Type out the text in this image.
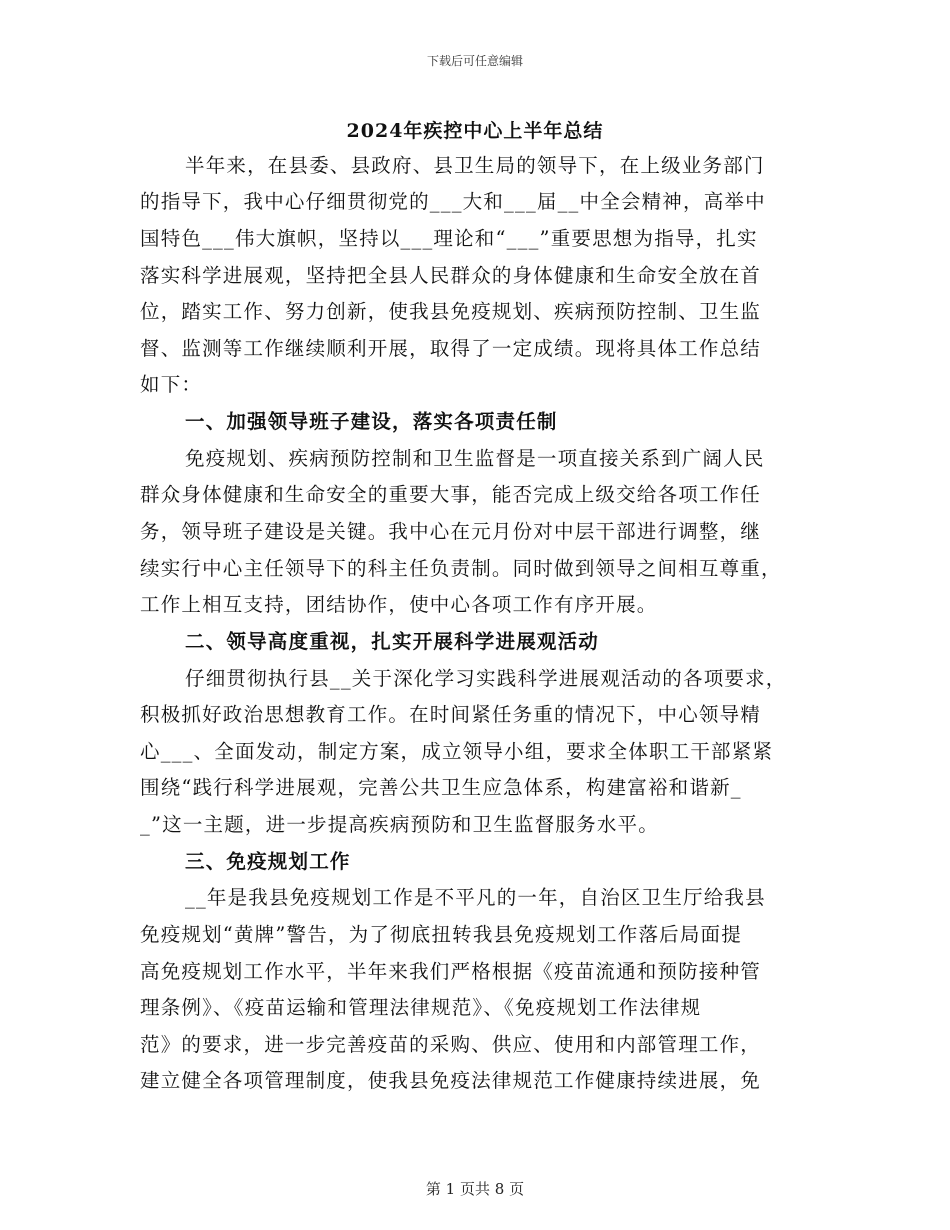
下载后可任意编辑
2024年疾控中心上半年总结
半年来，在县委、县政府、县卫生局的领导下，在上级业务部门
的指导下，我中心仔细贯彻党的___大和___届__中全会精神，高举中
国特色___伟大旗帜，坚持以___理论和“___”重要思想为指导，扎实
落实科学进展观，坚持把全县人民群众的身体健康和生命安全放在首
位，踏实工作、努力创新，使我县免疫规划、疾病预防控制、卫生监
督、监测等工作继续顺利开展，取得了一定成绩。现将具体工作总结
如下：
一、加强领导班子建设，落实各项责任制
免疫规划、疾病预防控制和卫生监督是一项直接关系到广阔人民
群众身体健康和生命安全的重要大事，能否完成上级交给各项工作任
务，领导班子建设是关键。我中心在元月份对中层干部进行调整，继
续实行中心主任领导下的科主任负责制。同时做到领导之间相互尊重，
工作上相互支持，团结协作，使中心各项工作有序开展。
二、领导高度重视，扎实开展科学进展观活动
仔细贯彻执行县__关于深化学习实践科学进展观活动的各项要求，
积极抓好政治思想教育工作。在时间紧任务重的情况下，中心领导精
心___、全面发动，制定方案，成立领导小组，要求全体职工干部紧紧
围绕“践行科学进展观，完善公共卫生应急体系，构建富裕和谐新_
_”这一主题，进一步提高疾病预防和卫生监督服务水平。
三、免疫规划工作
__年是我县免疫规划工作是不平凡的一年，自治区卫生厅给我县
免疫规划“黄牌”警告，为了彻底扭转我县免疫规划工作落后局面提
高免疫规划工作水平，半年来我们严格根据《疫苗流通和预防接种管
理条例》、《疫苗运输和管理法律规范》、《免疫规划工作法律规
范》的要求，进一步完善疫苗的采购、供应、使用和内部管理工作，
建立健全各项管理制度，使我县免疫法律规范工作健康持续进展，免
第 1 页共 8 页
